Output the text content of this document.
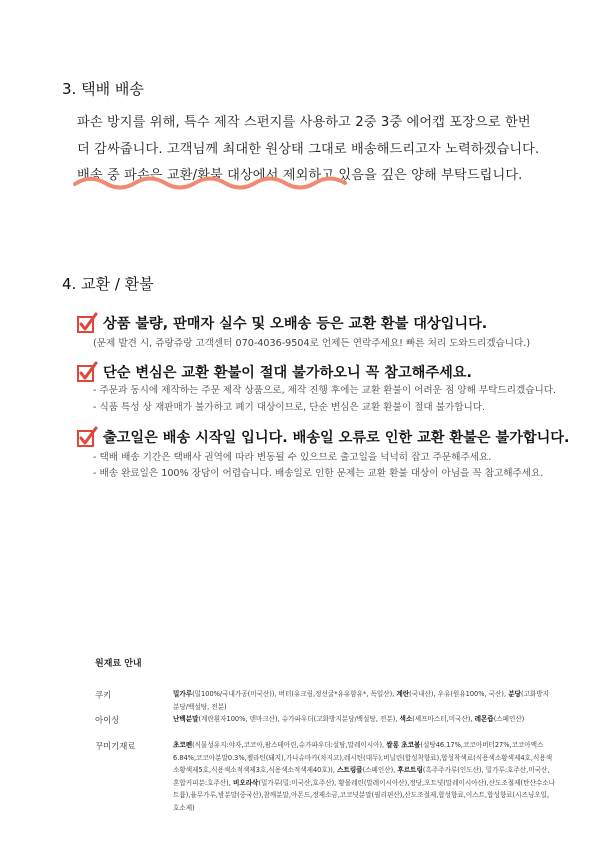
3. 택배 배송
파손 방지를 위해, 특수 제작 스펀지를 사용하고 2중 3중 에어캡 포장으로 한번
더 감싸줍니다. 고객님께 최대한 원상태 그대로 배송해드리고자 노력하겠습니다.
배송 중 파손은 교환/환불 대상에서 제외하고 있음을 깊은 양해 부탁드립니다.
4. 교환 / 환불
상품 불량, 판매자 실수 및 오배송 등은 교환 환불 대상입니다.
(문제 발견 시, 쥬랑쥬랑 고객센터 070-4036-9504로 언제든 연락주세요! 빠른 처리 도와드리겠습니다.)
단순 변심은 교환 환불이 절대 불가하오니 꼭 참고해주세요.
- 주문과 동시에 제작하는 주문 제작 상품으로, 제작 진행 후에는 교환 환불이 어려운 점 양해 부탁드리겠습니다.
- 식품 특성 상 재판매가 불가하고 폐기 대상이므로, 단순 변심은 교환 환불이 절대 불가합니다.
출고일은 배송 시작일 입니다. 배송일 오류로 인한 교환 환불은 불가합니다.
- 택배 배송 기간은 택배사 권역에 따라 변동될 수 있으므로 출고일을 넉넉히 잡고 주문해주세요.
- 배송 완료일은 100% 장담이 어렵습니다. 배송일로 인한 문제는 교환 환불 대상이 아님을 꼭 참고해주세요.
원재료 안내
쿠키	밀가루(밀100%/국내가공(미국산)), 버터(유크림,정선굴*유유함유*, 독일산), 계란(국내산), 우유(원유100%, 국산), 분당(고화방지분당/백설탕, 전분)
아이싱	난백분말(계란흰자100%, 덴마크산), 슈가파우더(고화방지분당/백설탕, 전분), 색소(셰프마스터,미국산), 레몬즙(스페인산)
꾸미기재료	초코펜(식물성유지:야자,코코아,팜스테아린,슈가파우더:설탕,말레이시아), 쌀롱 초코볼(설탕46.17%,코코아버터27%,코코아액스6.84%,코코아분말0.3%,젤라틴(돼지),가나슈마카(차지고),레시틴(대두),버닐린(합성착향료),합성착색료(식용색소황색제4호,식용색소황색제5호,식용색소적색제3호,식용색소적색제40호)), 스트링클(스페인산), 후르트링(흑주주가루(인도산), 밀가루:호주산,미국산, 혼합커피분:호주산), 비오라삭(밀가루(밀:미국산,호주산), 황몰레린(말레이시아산),정당,오트넛(말레이시아산),산도조절제(탄산수소나트륨),율무가루,밤분말(중국산),참깨분말,아몬드,정제소금,코코넛분말(필리핀산),산도조절제,합성향료,이스트,합성향료(시즈닝오일,호소제)
